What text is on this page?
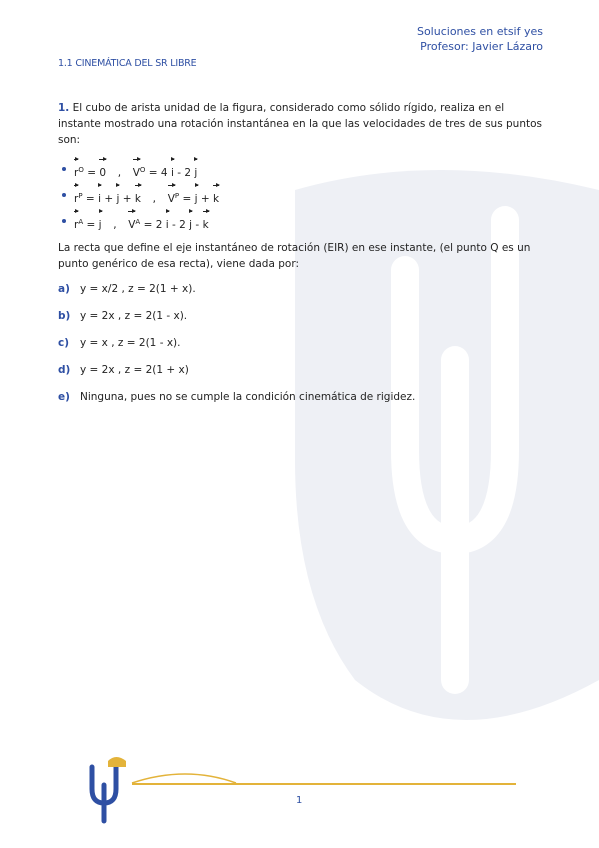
Soluciones en etsif yes
Profesor: Javier Lázaro
1.1 CINEMÁTICA DEL SR LIBRE
1. El cubo de arista unidad de la figura, considerado como sólido rígido, realiza en el instante mostrado una rotación instantánea en la que las velocidades de tres de sus puntos son:
$r^O = 0$ , $V^O = 4$ i - 2 j
$r^P = i + j + k$ , $V^P = j + k$
$r^A = j$ , $V^A = 2$ i - 2 j - k
La recta que define el eje instantáneo de rotación (EIR) en ese instante, (el punto Q es un punto genérico de esa recta), viene dada por:
a) y = x/2 , z = 2(1 + x).
b) y = 2x , z = 2(1 - x).
c) y = x , z = 2(1 - x).
d) y = 2x , z = 2(1 + x)
e) Ninguna, pues no se cumple la condición cinemática de rigidez.
1
